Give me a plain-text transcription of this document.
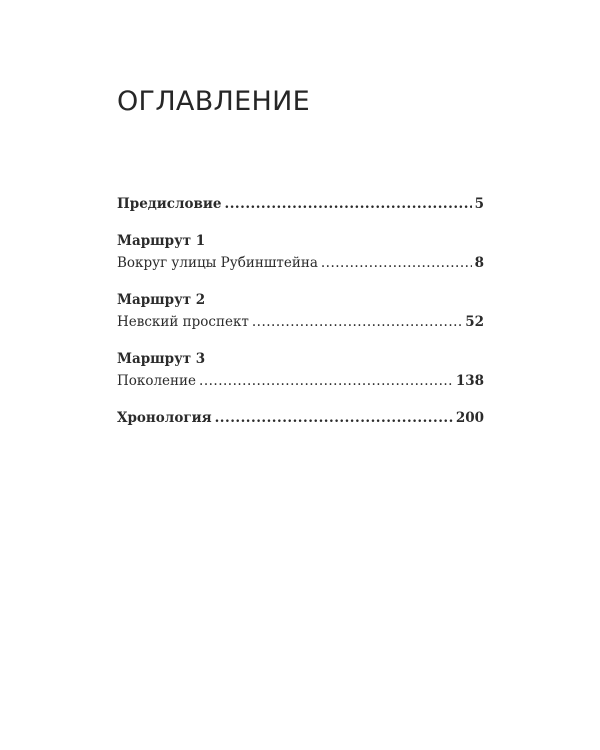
ОГЛАВЛЕНИЕ
Предисловие .....	5
Маршрут 1
Вокруг улицы Рубинштейна .....	8
Маршрут 2
Невский проспект .....	52
Маршрут 3
Поколение .....	138
Хронология .....	200
